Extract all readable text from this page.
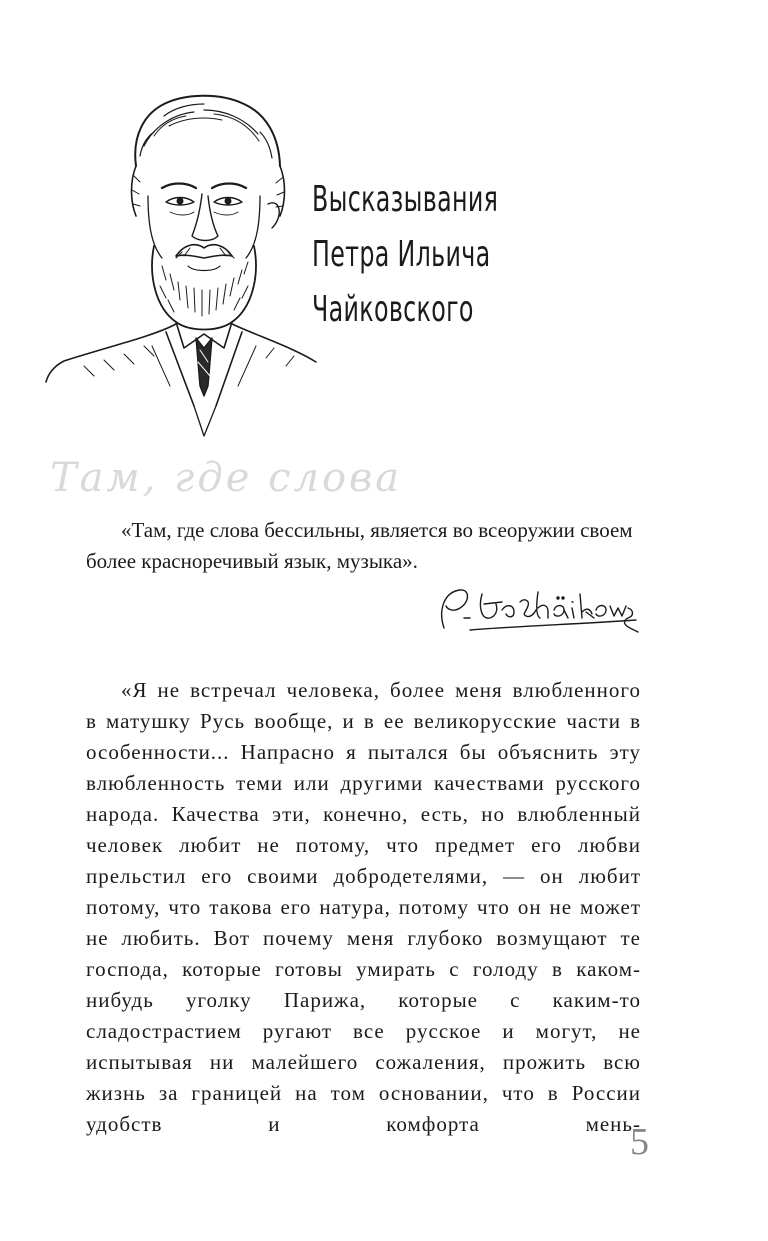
Высказывания
Петра Ильича
Чайковского

Там, где слова

«Там, где слова бессильны, является во всеоружии своем более красноречивый язык, музыка».

«Я не встречал человека, более меня влюбленного в матушку Русь вообще, и в ее великорусские части в особенности... Напрасно я пытался бы объяснить эту влюбленность теми или другими качествами русского народа. Качества эти, конечно, есть, но влюбленный человек любит не потому, что предмет его любви прельстил его своими добродетелями, — он любит потому, что такова его натура, потому что он не может не любить. Вот почему меня глубоко возмущают те господа, которые готовы умирать с голоду в каком-нибудь уголку Парижа, которые с каким-то сладострастием ругают все русское и могут, не испытывая ни малейшего сожаления, прожить всю жизнь за границей на том основании, что в России удобств и комфорта мень-

5
